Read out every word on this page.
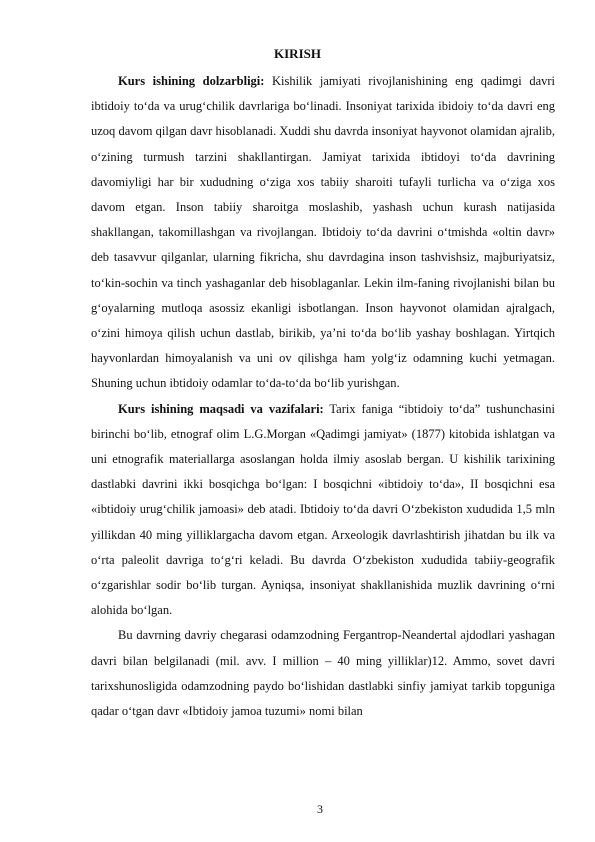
KIRISH

Kurs ishining dolzarbligi: Kishilik jamiyati rivojlanishining eng qadimgi davri ibtidoiy to‘da va urug‘chilik davrlariga bo‘linadi. Insoniyat tarixida ibidoiy to‘da davri eng uzoq davom qilgan davr hisoblanadi. Xuddi shu davrda insoniyat hayvonot olamidan ajralib, o‘zining turmush tarzini shakllantirgan. Jamiyat tarixida ibtidoyi to‘da davrining davomiyligi har bir xududning o‘ziga xos tabiiy sharoiti tufayli turlicha va o‘ziga xos davom etgan. Inson tabiiy sharoitga moslashib, yashash uchun kurash natijasida shakllangan, takomillashgan va rivojlangan. Ibtidoiy to‘da davrini o‘tmishda «oltin davr» deb tasavvur qilganlar, ularning fikricha, shu davrdagina inson tashvishsiz, majburiyatsiz, to‘kin-sochin va tinch yashaganlar deb hisoblaganlar. Lekin ilm-faning rivojlanishi bilan bu g‘oyalarning mutloqa asossiz ekanligi isbotlangan. Inson hayvonot olamidan ajralgach, o‘zini himoya qilish uchun dastlab, birikib, ya’ni to‘da bo‘lib yashay boshlagan. Yirtqich hayvonlardan himoyalanish va uni ov qilishga ham yolg‘iz odamning kuchi yetmagan. Shuning uchun ibtidoiy odamlar to‘da-to‘da bo‘lib yurishgan.

Kurs ishining maqsadi va vazifalari: Tarix faniga “ibtidoiy to‘da” tushunchasini birinchi bo‘lib, etnograf olim L.G.Morgan «Qadimgi jamiyat» (1877) kitobida ishlatgan va uni etnografik materiallarga asoslangan holda ilmiy asoslab bergan. U kishilik tarixining dastlabki davrini ikki bosqichga bo‘lgan: I bosqichni «ibtidoiy to‘da», II bosqichni esa «ibtidoiy urug‘chilik jamoasi» deb atadi. Ibtidoiy to‘da davri O‘zbekiston xududida 1,5 mln yillikdan 40 ming yilliklargacha davom etgan. Arxeologik davrlashtirish jihatdan bu ilk va o‘rta paleolit davriga to‘g‘ri keladi. Bu davrda O‘zbekiston xududida tabiiy-geografik o‘zgarishlar sodir bo‘lib turgan. Ayniqsa, insoniyat shakllanishida muzlik davrining o‘rni alohida bo‘lgan.

Bu davrning davriy chegarasi odamzodning Fergantrop-Neandertal ajdodlari yashagan davri bilan belgilanadi (mil. avv. I million – 40 ming yilliklar)12. Ammo, sovet davri tarixshunosligida odamzodning paydo bo‘lishidan dastlabki sinfiy jamiyat tarkib topguniga qadar o‘tgan davr «Ibtidoiy jamoa tuzumi» nomi bilan

3
